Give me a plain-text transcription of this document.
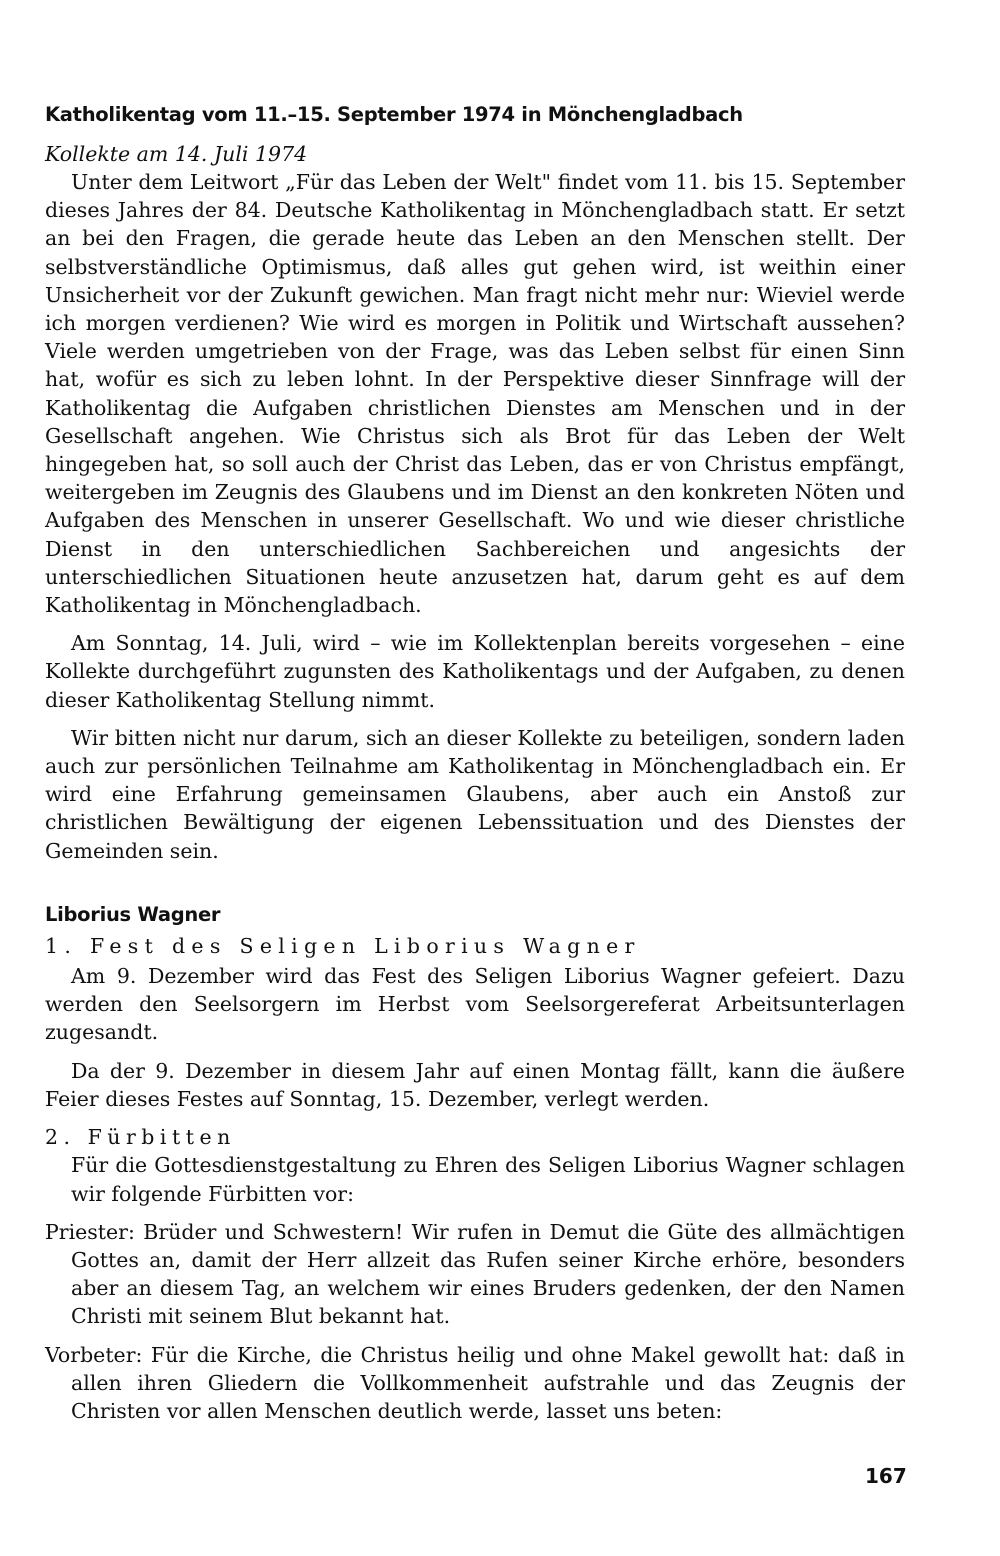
Katholikentag vom 11.–15. September 1974 in Mönchengladbach
Kollekte am 14. Juli 1974

Unter dem Leitwort „Für das Leben der Welt" findet vom 11. bis 15. September dieses Jahres der 84. Deutsche Katholikentag in Mönchengladbach statt. Er setzt an bei den Fragen, die gerade heute das Leben an den Menschen stellt. Der selbstverständliche Optimismus, daß alles gut gehen wird, ist weithin einer Unsicherheit vor der Zukunft gewichen. Man fragt nicht mehr nur: Wieviel werde ich morgen verdienen? Wie wird es morgen in Politik und Wirtschaft aussehen? Viele werden umgetrieben von der Frage, was das Leben selbst für einen Sinn hat, wofür es sich zu leben lohnt. In der Perspektive dieser Sinnfrage will der Katholikentag die Aufgaben christlichen Dienstes am Menschen und in der Gesellschaft angehen. Wie Christus sich als Brot für das Leben der Welt hingegeben hat, so soll auch der Christ das Leben, das er von Christus empfängt, weitergeben im Zeugnis des Glaubens und im Dienst an den konkreten Nöten und Aufgaben des Menschen in unserer Gesellschaft. Wo und wie dieser christliche Dienst in den unterschiedlichen Sachbereichen und angesichts der unterschiedlichen Situationen heute anzusetzen hat, darum geht es auf dem Katholikentag in Mönchengladbach.

Am Sonntag, 14. Juli, wird – wie im Kollektenplan bereits vorgesehen – eine Kollekte durchgeführt zugunsten des Katholikentags und der Aufgaben, zu denen dieser Katholikentag Stellung nimmt.

Wir bitten nicht nur darum, sich an dieser Kollekte zu beteiligen, sondern laden auch zur persönlichen Teilnahme am Katholikentag in Mönchengladbach ein. Er wird eine Erfahrung gemeinsamen Glaubens, aber auch ein Anstoß zur christlichen Bewältigung der eigenen Lebenssituation und des Dienstes der Gemeinden sein.

Liborius Wagner
1. Fest des Seligen Liborius Wagner

Am 9. Dezember wird das Fest des Seligen Liborius Wagner gefeiert. Dazu werden den Seelsorgern im Herbst vom Seelsorgereferat Arbeitsunterlagen zugesandt.

Da der 9. Dezember in diesem Jahr auf einen Montag fällt, kann die äußere Feier dieses Festes auf Sonntag, 15. Dezember, verlegt werden.

2. Fürbitten

Für die Gottesdienstgestaltung zu Ehren des Seligen Liborius Wagner schlagen wir folgende Fürbitten vor:

Priester: Brüder und Schwestern! Wir rufen in Demut die Güte des allmächtigen Gottes an, damit der Herr allzeit das Rufen seiner Kirche erhöre, besonders aber an diesem Tag, an welchem wir eines Bruders gedenken, der den Namen Christi mit seinem Blut bekannt hat.

Vorbeter: Für die Kirche, die Christus heilig und ohne Makel gewollt hat: daß in allen ihren Gliedern die Vollkommenheit aufstrahle und das Zeugnis der Christen vor allen Menschen deutlich werde, lasset uns beten:

167
